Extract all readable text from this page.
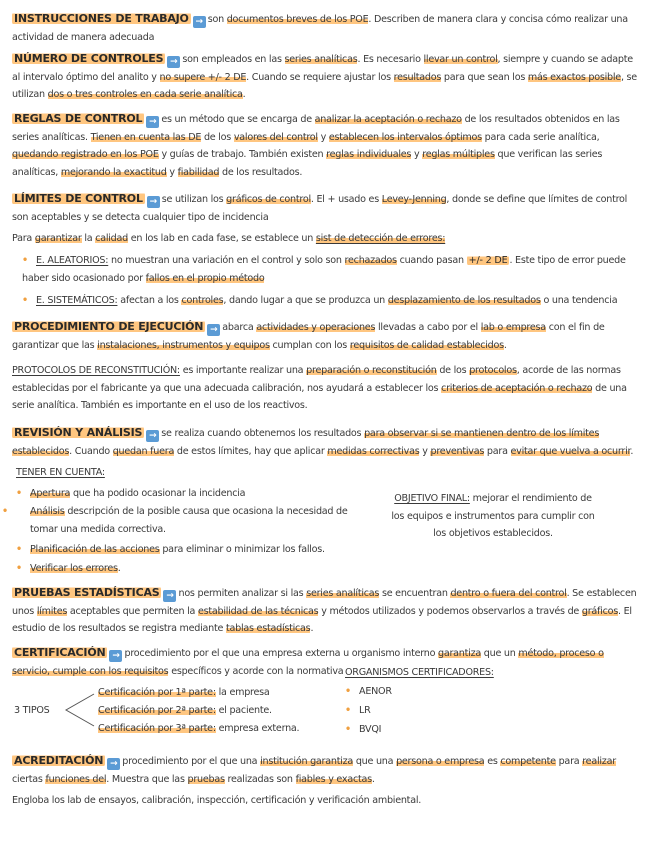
INSTRUCCIONES DE TRABAJO → son documentos breves de los POE. Describen de manera clara y concisa cómo realizar una actividad de manera adecuada
NÚMERO DE CONTROLES → son empleados en las series analíticas. Es necesario llevar un control, siempre y cuando se adapte al intervalo óptimo del analito y no supere +/- 2 DE. Cuando se requiere ajustar los resultados para que sean los más exactos posible, se utilizan dos o tres controles en cada serie analítica.
REGLAS DE CONTROL → es un método que se encarga de analizar la aceptación o rechazo de los resultados obtenidos en las series analíticas. Tienen en cuenta las DE de los valores del control y establecen los intervalos óptimos para cada serie analítica, quedando registrado en los POE y guías de trabajo. También existen reglas individuales y reglas múltiples que verifican las series analíticas, mejorando la exactitud y fiabilidad de los resultados.
LÍMITES DE CONTROL → se utilizan los gráficos de control. El + usado es Levey-Jenning, donde se define que límites de control son aceptables y se detecta cualquier tipo de incidencia
Para garantizar la calidad en los lab en cada fase, se establece un sist de detección de errores:
• E. ALEATORIOS: no muestran una variación en el control y solo son rechazados cuando pasan +/- 2 DE . Este tipo de error puede haber sido ocasionado por fallos en el propio método
• E. SISTEMÁTICOS: afectan a los controles, dando lugar a que se produzca un desplazamiento de los resultados o una tendencia
PROCEDIMIENTO DE EJECUCIÓN → abarca actividades y operaciones llevadas a cabo por el lab o empresa con el fin de garantizar que las instalaciones, instrumentos y equipos cumplan con los requisitos de calidad establecidos.
PROTOCOLOS DE RECONSTITUCIÓN: es importante realizar una preparación o reconstitución de los protocolos, acorde de las normas establecidas por el fabricante ya que una adecuada calibración, nos ayudará a establecer los criterios de aceptación o rechazo de una serie analítica. También es importante en el uso de los reactivos.
REVISIÓN Y ANÁLISIS → se realiza cuando obtenemos los resultados para observar si se mantienen dentro de los límites establecidos. Cuando quedan fuera de estos límites, hay que aplicar medidas correctivas y preventivas para evitar que vuelva a ocurrir.
TENER EN CUENTA:
• Apertura que ha podido ocasionar la incidencia
• Análisis descripción de la posible causa que ocasiona la necesidad de tomar una medida correctiva.
• Planificación de las acciones para eliminar o minimizar los fallos.
• Verificar los errores.
OBJETIVO FINAL: mejorar el rendimiento de los equipos e instrumentos para cumplir con los objetivos establecidos.
PRUEBAS ESTADÍSTICAS → nos permiten analizar si las series analíticas se encuentran dentro o fuera del control. Se establecen unos límites aceptables que permiten la estabilidad de las técnicas y métodos utilizados y podemos observarlos a través de gráficos. El estudio de los resultados se registra mediante tablas estadísticas.
CERTIFICACIÓN → procedimiento por el que una empresa externa u organismo interno garantiza que un método, proceso o servicio, cumple con los requisitos específicos y acorde con la normativa
3 TIPOS
Certificación por 1ª parte: la empresa
Certificación por 2ª parte: el paciente.
Certificación por 3ª parte: empresa externa.
ORGANISMOS CERTIFICADORES:
• AENOR
• LR
• BVQI
ACREDITACIÓN → procedimiento por el que una institución garantiza que una persona o empresa es competente para realizar ciertas funciones del. Muestra que las pruebas realizadas son fiables y exactas.
Engloba los lab de ensayos, calibración, inspección, certificación y verificación ambiental.
